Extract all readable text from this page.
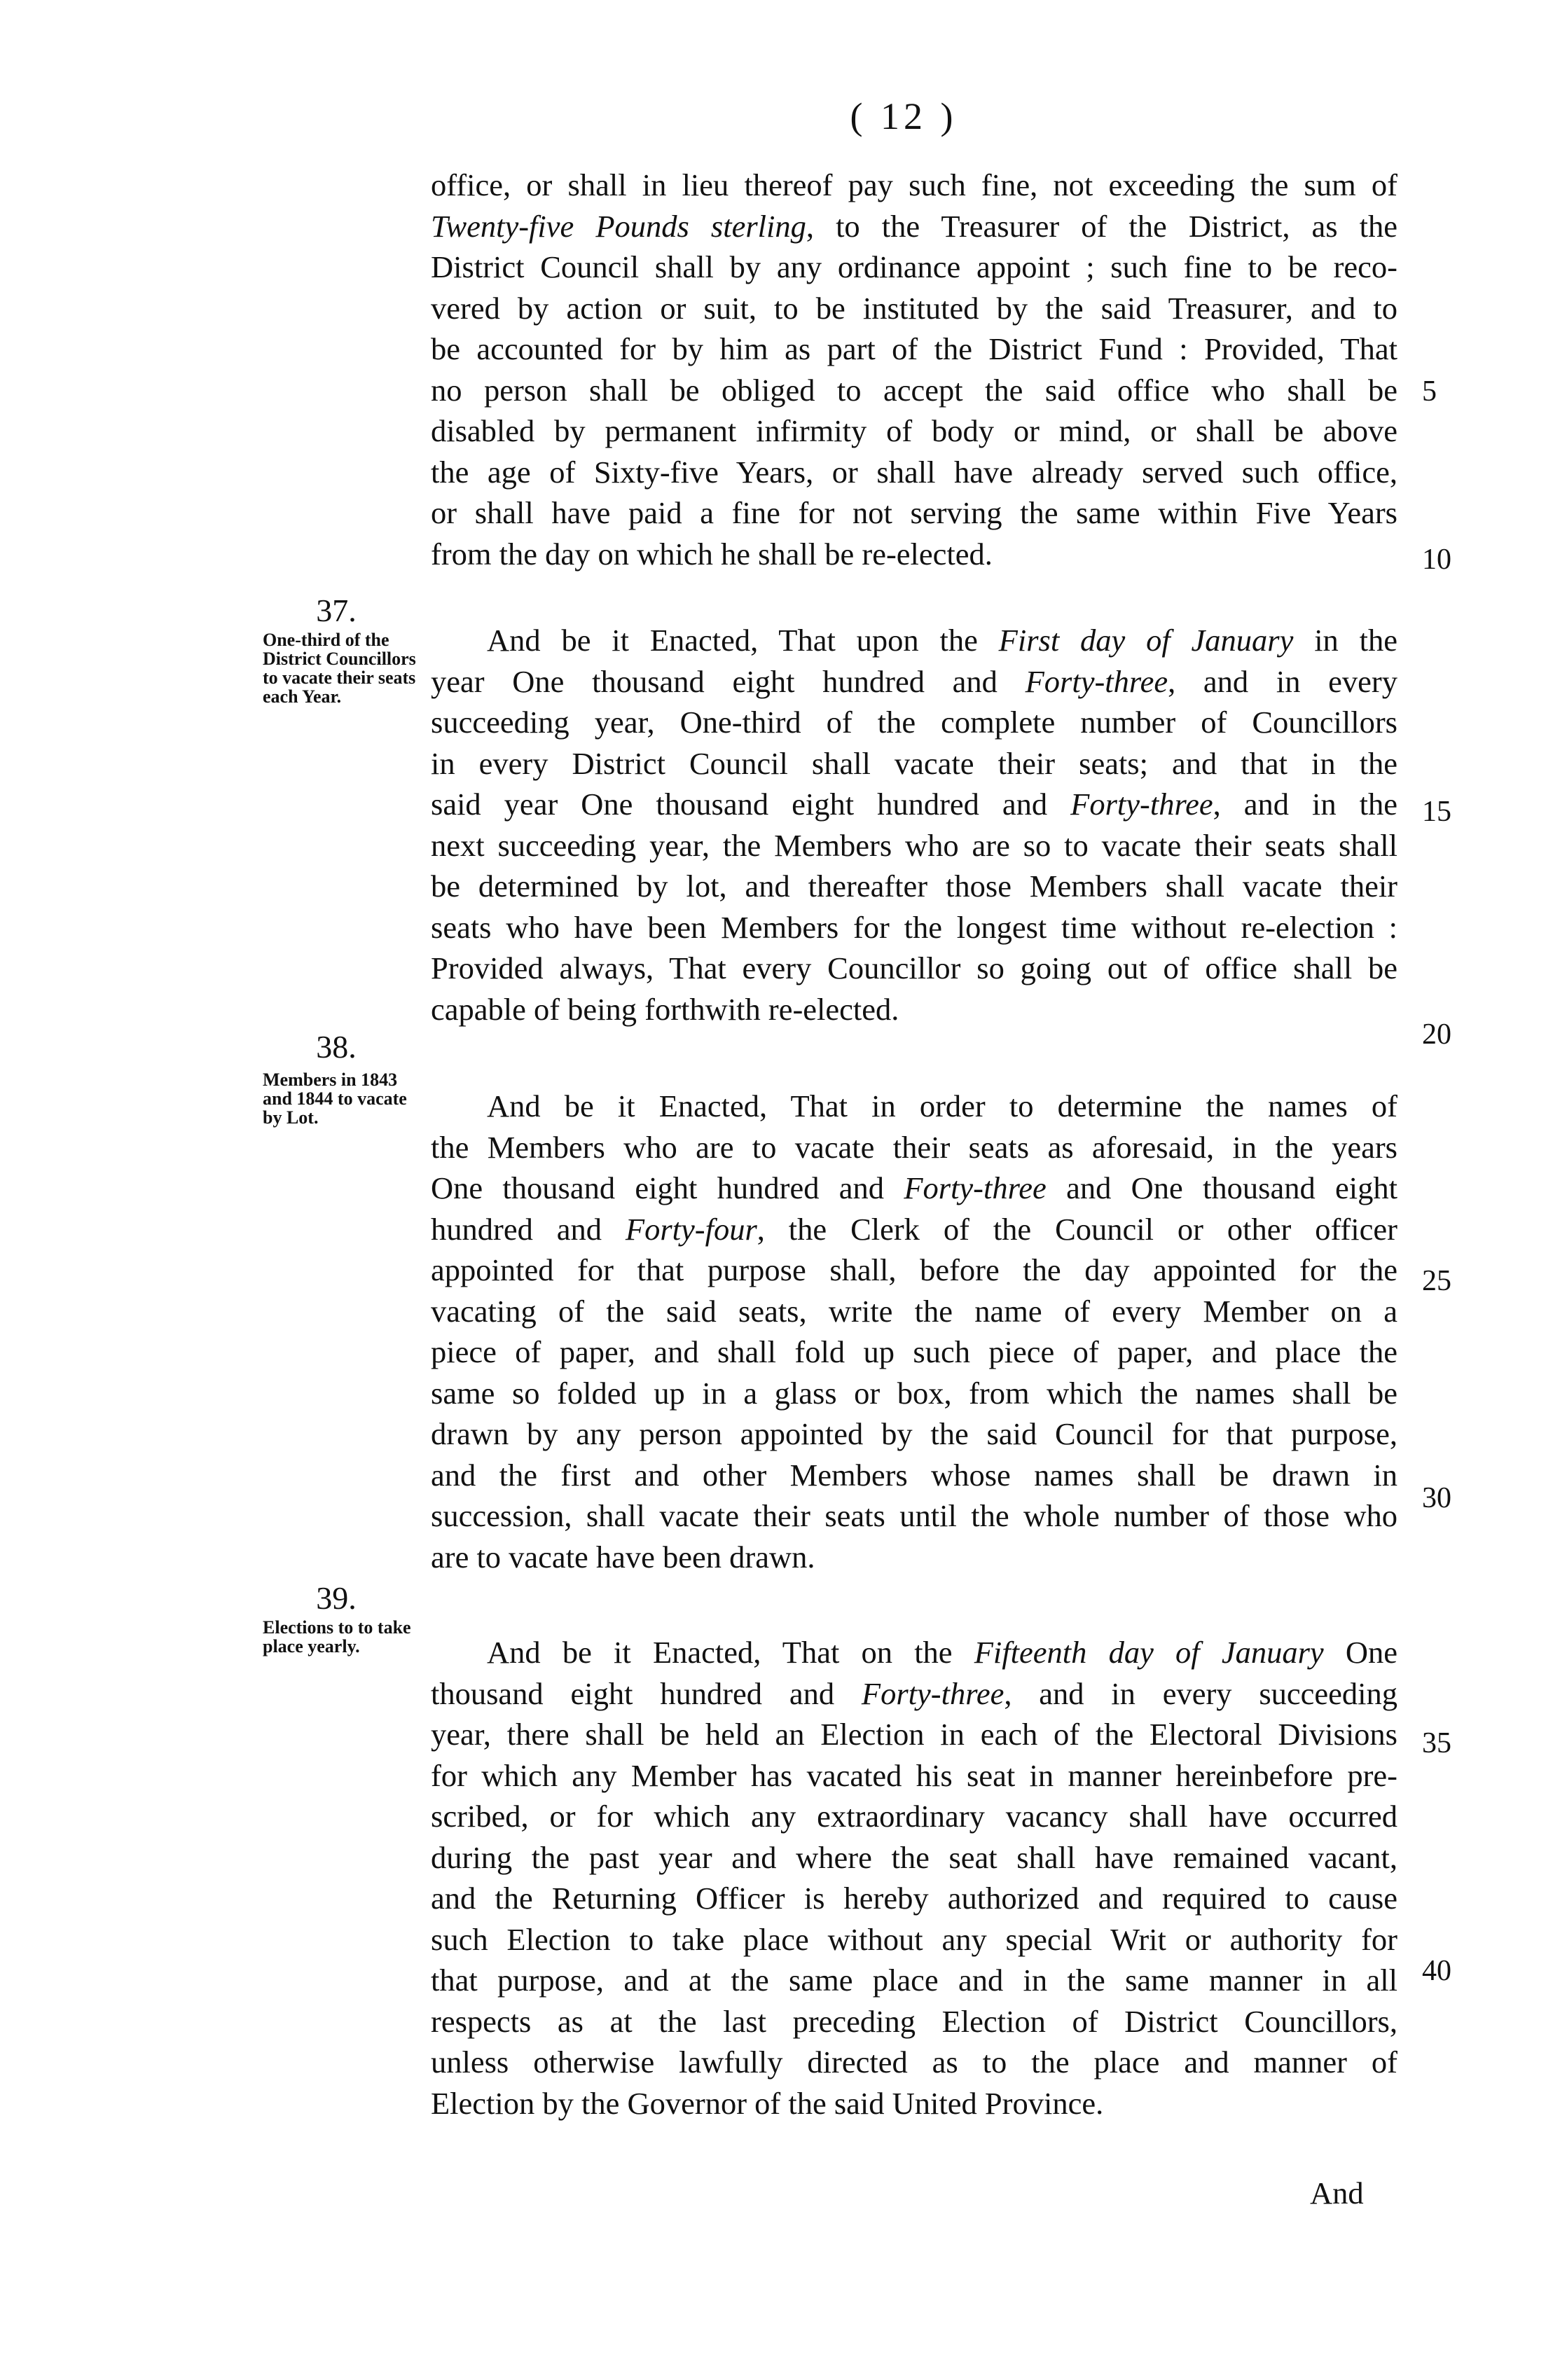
( 12 )
office, or shall in lieu thereof pay such fine, not exceeding the sum of
Twenty-five Pounds sterling, to the Treasurer of the District, as the
District Council shall by any ordinance appoint ; such fine to be reco-
vered by action or suit, to be instituted by the said Treasurer, and to
be accounted for by him as part of the District Fund : Provided, That
no person shall be obliged to accept the said office who shall be
disabled by permanent infirmity of body or mind, or shall be above
the age of Sixty-five Years, or shall have already served such office,
or shall have paid a fine for not serving the same within Five Years
from the day on which he shall be re-elected.
37.
One-third of the District Councillors to vacate their seats each Year.
And be it Enacted, That upon the First day of January in the
year One thousand eight hundred and Forty-three, and in every
succeeding year, One-third of the complete number of Councillors
in every District Council shall vacate their seats; and that in the
said year One thousand eight hundred and Forty-three, and in the
next succeeding year, the Members who are so to vacate their seats shall
be determined by lot, and thereafter those Members shall vacate their
seats who have been Members for the longest time without re-election :
Provided always, That every Councillor so going out of office shall be
capable of being forthwith re-elected.
38.
Members in 1843 and 1844 to vacate by Lot.	And be it Enacted, That in order to determine the names of
the Members who are to vacate their seats as aforesaid, in the years
One thousand eight hundred and Forty-three and One thousand eight
hundred and Forty-four, the Clerk of the Council or other officer
appointed for that purpose shall, before the day appointed for the
vacating of the said seats, write the name of every Member on a
piece of paper, and shall fold up such piece of paper, and place the
same so folded up in a glass or box, from which the names shall be
drawn by any person appointed by the said Council for that purpose,
and the first and other Members whose names shall be drawn in
succession, shall vacate their seats until the whole number of those who
are to vacate have been drawn.
39.
Elections to to take place yearly.	And be it Enacted, That on the Fifteenth day of January One
thousand eight hundred and Forty-three, and in every succeeding
year, there shall be held an Election in each of the Electoral Divisions
for which any Member has vacated his seat in manner hereinbefore pre-
scribed, or for which any extraordinary vacancy shall have occurred
during the past year and where the seat shall have remained vacant,
and the Returning Officer is hereby authorized and required to cause
such Election to take place without any special Writ or authority for
that purpose, and at the same place and in the same manner in all
respects as at the last preceding Election of District Councillors,
unless otherwise lawfully directed as to the place and manner of
Election by the Governor of the said United Province.
5
10
15
20
25
30
35
40
And
